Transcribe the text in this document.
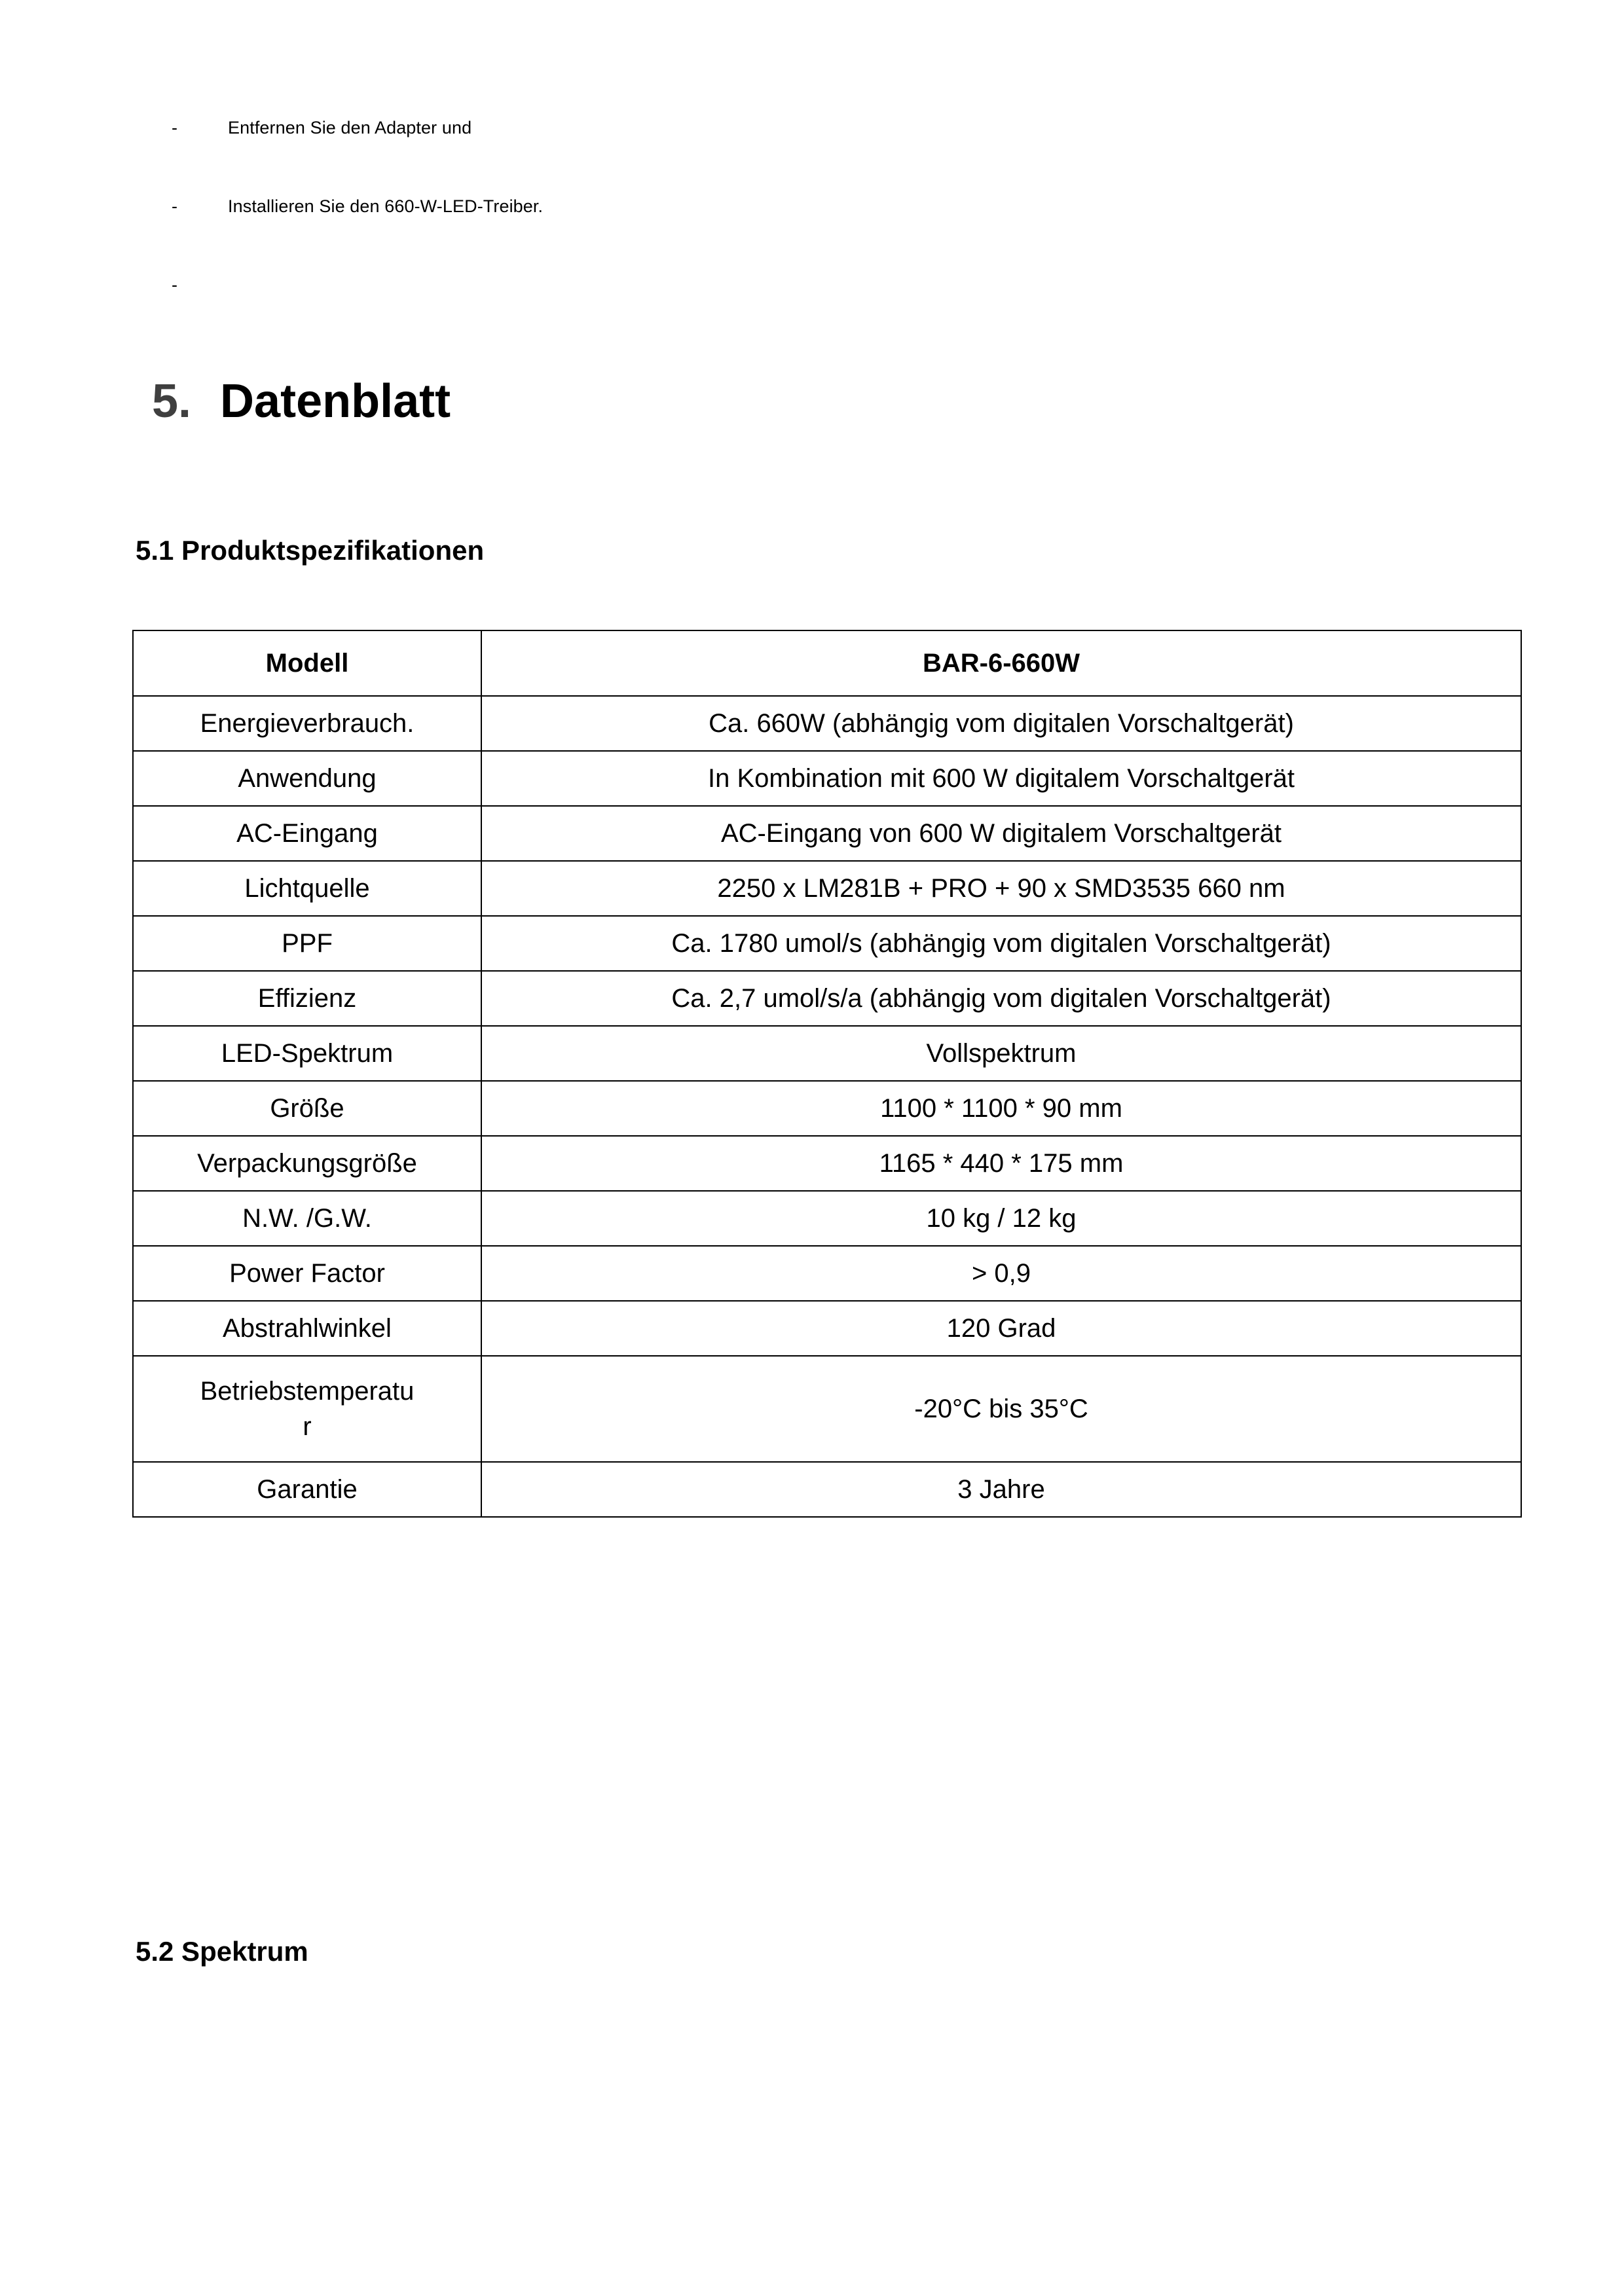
-	Entfernen Sie den Adapter und
-	Installieren Sie den 660-W-LED-Treiber.
-
5. Datenblatt
5.1 Produktspezifikationen
Modell	BAR-6-660W
Energieverbrauch.	Ca. 660W (abhängig vom digitalen Vorschaltgerät)
Anwendung	In Kombination mit 600 W digitalem Vorschaltgerät
AC-Eingang	AC-Eingang von 600 W digitalem Vorschaltgerät
Lichtquelle	2250 x LM281B + PRO + 90 x SMD3535 660 nm
PPF	Ca. 1780 umol/s (abhängig vom digitalen Vorschaltgerät)
Effizienz	Ca. 2,7 umol/s/a (abhängig vom digitalen Vorschaltgerät)
LED-Spektrum	Vollspektrum
Größe	1100 * 1100 * 90 mm
Verpackungsgröße	1165 * 440 * 175 mm
N.W. /G.W.	10 kg / 12 kg
Power Factor	> 0,9
Abstrahlwinkel	120 Grad
Betriebstemperatu
r	-20°C bis 35°C
Garantie	3 Jahre
5.2 Spektrum
